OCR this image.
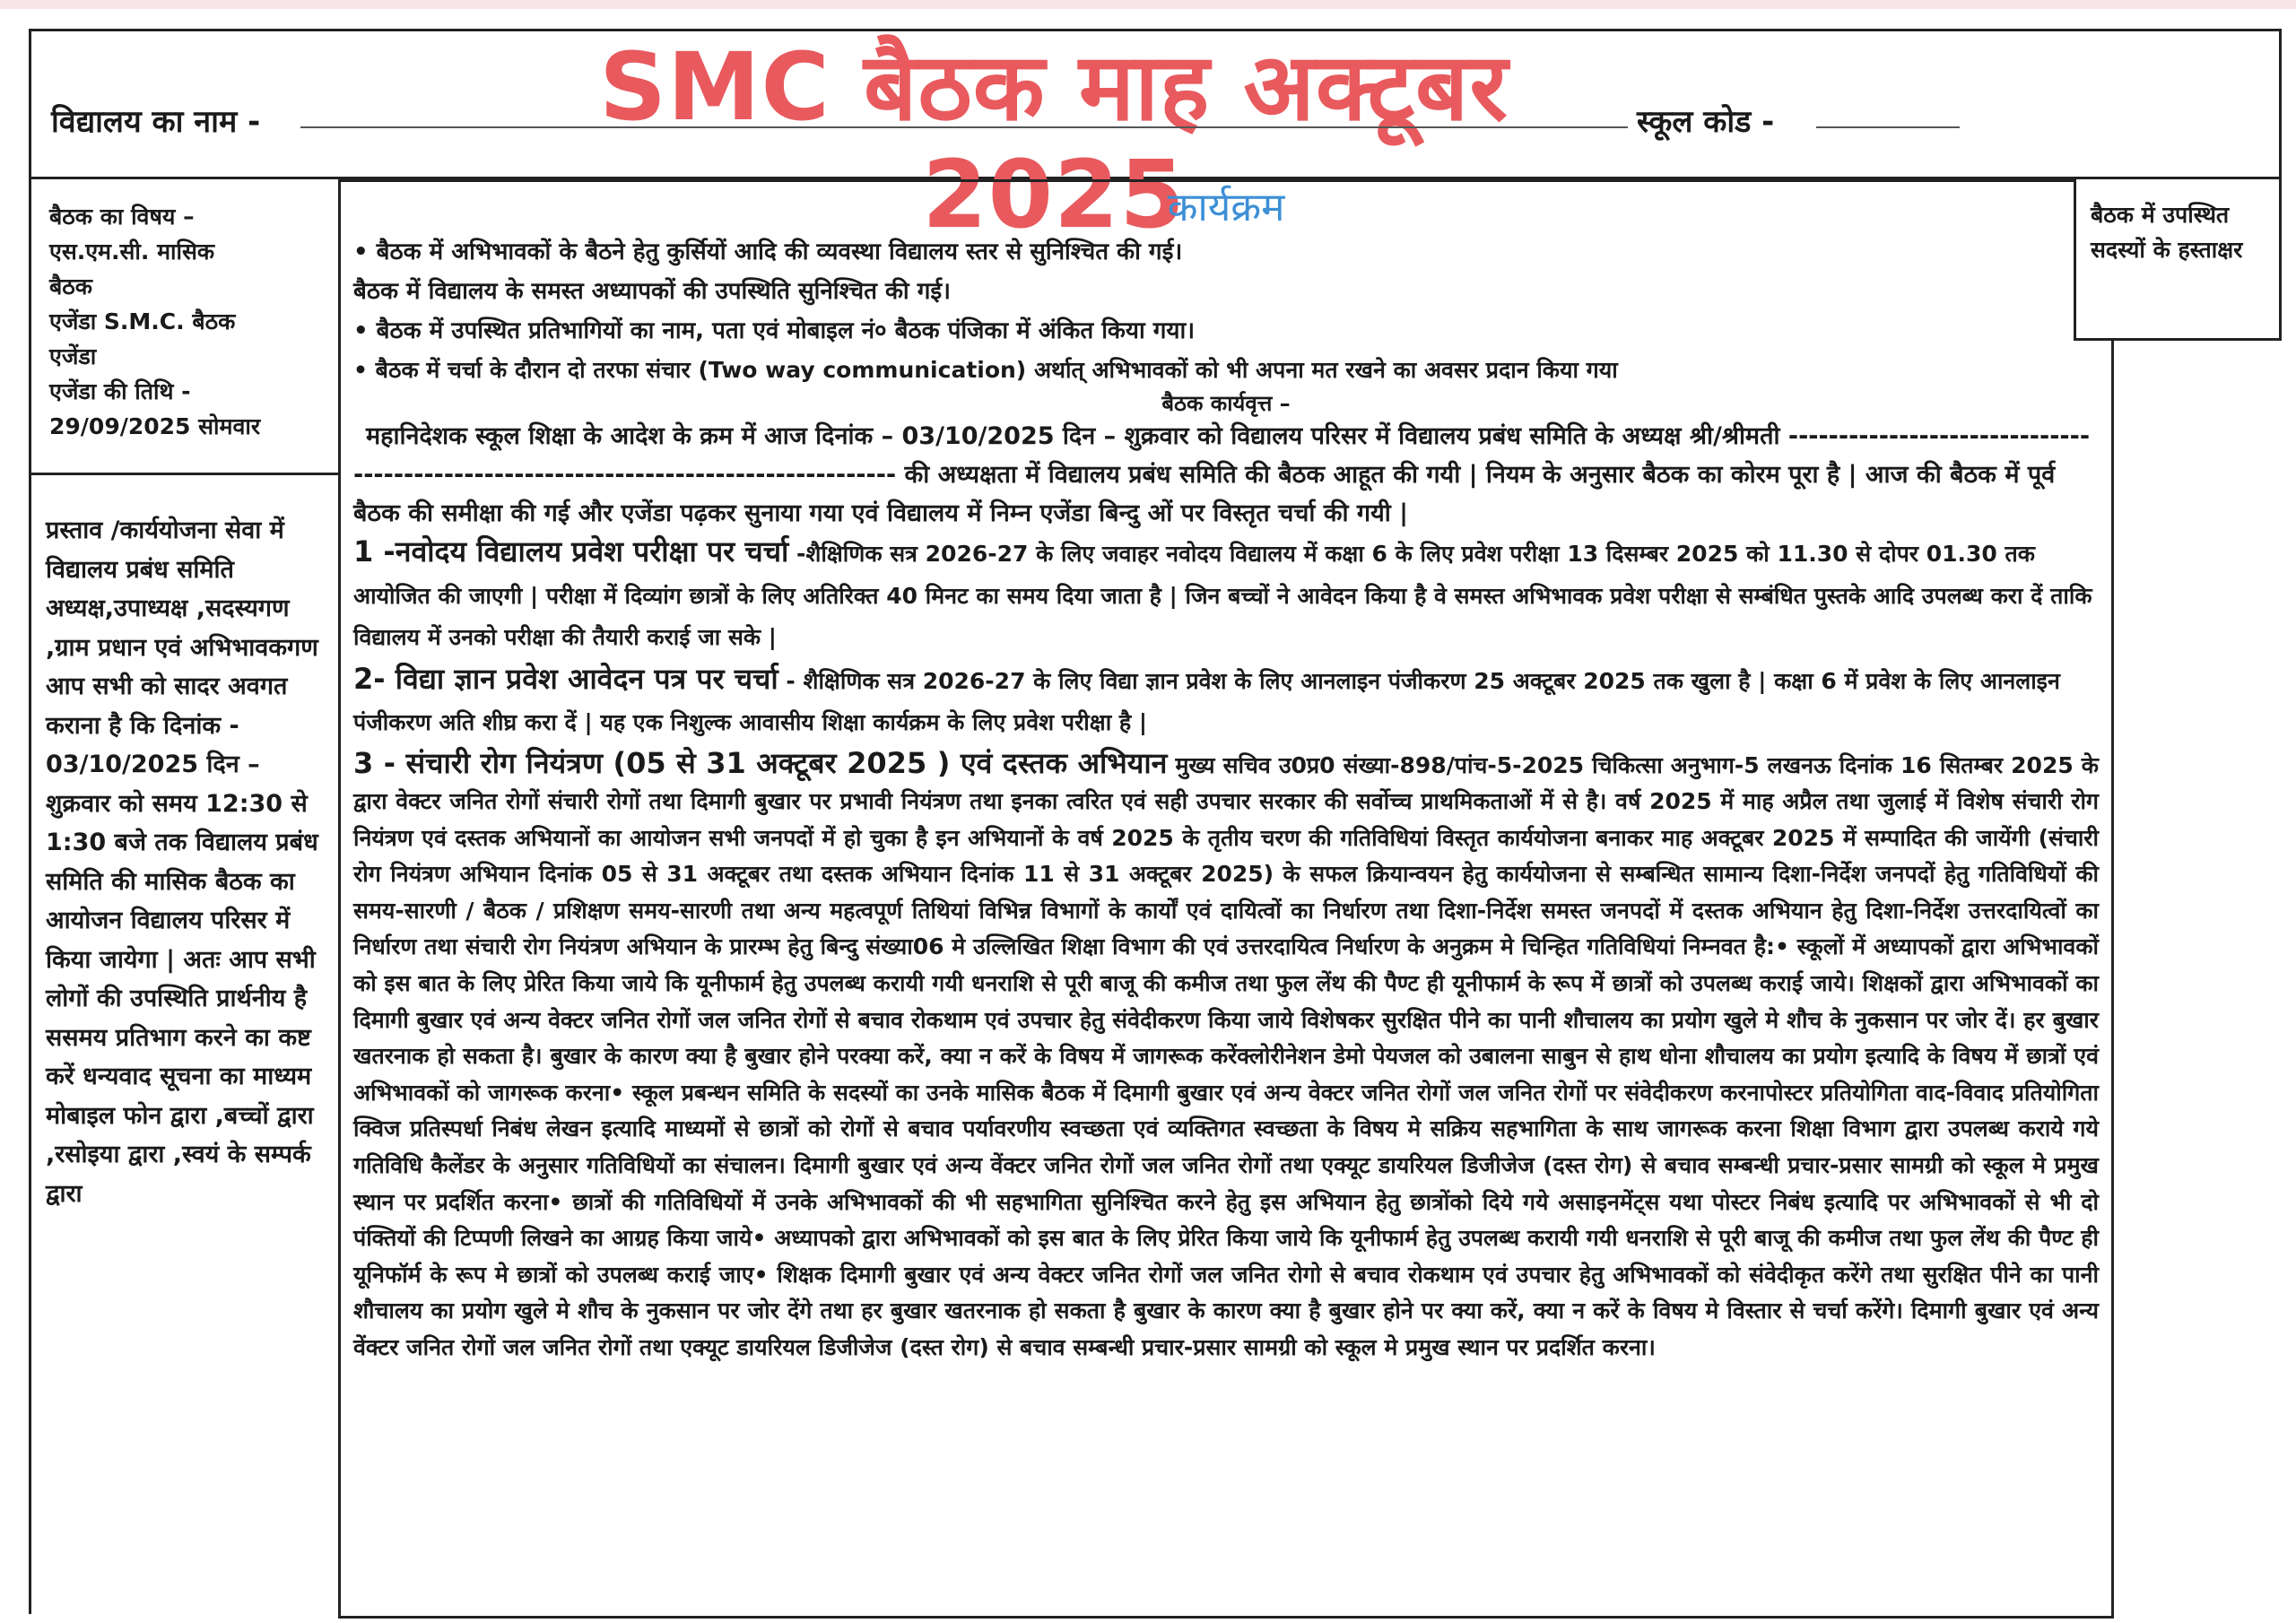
SMC बैठक माह अक्टूबर 2025
विद्यालय का नाम -	स्कूल कोड -
बैठक का विषय –
एस.एम.सी. मासिक
बैठक
एजेंडा S.M.C. बैठक
एजेंडा
एजेंडा की तिथि -
29/09/2025 सोमवार
प्रस्ताव /कार्ययोजना सेवा में विद्यालय प्रबंध समिति अध्यक्ष,उपाध्यक्ष ,सदस्यगण ,ग्राम प्रधान एवं अभिभावकगण आप सभी को सादर अवगत कराना है कि दिनांक - 03/10/2025 दिन – शुक्रवार को समय 12:30 से 1:30 बजे तक विद्यालय प्रबंध समिति की मासिक बैठक का आयोजन विद्यालय परिसर में किया जायेगा | अतः आप सभी लोगों की उपस्थिति प्रार्थनीय है ससमय प्रतिभाग करने का कष्ट करें धन्यवाद सूचना का माध्यम मोबाइल फोन द्वारा ,बच्चों द्वारा ,रसोइया द्वारा ,स्वयं के सम्पर्क द्वारा
कार्यक्रम
• बैठक में अभिभावकों के बैठने हेतु कुर्सियों आदि की व्यवस्था विद्यालय स्तर से सुनिश्चित की गई।
बैठक में विद्यालय के समस्त अध्यापकों की उपस्थिति सुनिश्चित की गई।
• बैठक में उपस्थित प्रतिभागियों का नाम, पता एवं मोबाइल नं० बैठक पंजिका में अंकित किया गया।
• बैठक में चर्चा के दौरान दो तरफा संचार (Two way communication) अर्थात् अभिभावकों को भी अपना मत रखने का अवसर प्रदान किया गया
बैठक कार्यवृत्त –

महानिदेशक स्कूल शिक्षा के आदेश के क्रम में आज दिनांक – 03/10/2025 दिन – शुक्रवार को विद्यालय परिसर में विद्यालय प्रबंध समिति के अध्यक्ष श्री/श्रीमती ------------------------------------------------------------------------------------ की अध्यक्षता में विद्यालय प्रबंध समिति की बैठक आहूत की गयी | नियम के अनुसार बैठक का कोरम पूरा है | आज की बैठक में पूर्व बैठक की समीक्षा की गई और एजेंडा पढ़कर सुनाया गया एवं विद्यालय में निम्न एजेंडा बिन्दु ओं पर विस्तृत चर्चा की गयी |

1 -नवोदय विद्यालय प्रवेश परीक्षा पर चर्चा -शैक्षिणिक सत्र 2026-27 के लिए जवाहर नवोदय विद्यालय में कक्षा 6 के लिए प्रवेश परीक्षा 13 दिसम्बर 2025 को 11.30 से दोपर 01.30 तक आयोजित की जाएगी | परीक्षा में दिव्यांग छात्रों के लिए अतिरिक्त 40 मिनट का समय दिया जाता है | जिन बच्चों ने आवेदन किया है वे समस्त अभिभावक प्रवेश परीक्षा से सम्बंधित पुस्तके आदि उपलब्ध करा दें ताकि विद्यालय में उनको परीक्षा की तैयारी कराई जा सके |

2- विद्या ज्ञान प्रवेश आवेदन पत्र पर चर्चा - शैक्षिणिक सत्र 2026-27 के लिए विद्या ज्ञान प्रवेश के लिए आनलाइन पंजीकरण 25 अक्टूबर 2025 तक खुला है | कक्षा 6 में प्रवेश के लिए आनलाइन पंजीकरण अति शीघ्र करा दें | यह एक निशुल्क आवासीय शिक्षा कार्यक्रम के लिए प्रवेश परीक्षा है |

3 - संचारी रोग नियंत्रण (05 से 31 अक्टूबर 2025 ) एवं दस्तक अभियान मुख्य सचिव उ0प्र0 संख्या-898/पांच-5-2025 चिकित्सा अनुभाग-5 लखनऊ दिनांक 16 सितम्बर 2025 के द्वारा वेक्टर जनित रोगों संचारी रोगों तथा दिमागी बुखार पर प्रभावी नियंत्रण तथा इनका त्वरित एवं सही उपचार सरकार की सर्वोच्च प्राथमिकताओं में से है। वर्ष 2025 में माह अप्रैल तथा जुलाई में विशेष संचारी रोग नियंत्रण एवं दस्तक अभियानों का आयोजन सभी जनपदों में हो चुका है इन अभियानों के वर्ष 2025 के तृतीय चरण की गतिविधियां विस्तृत कार्ययोजना बनाकर माह अक्टूबर 2025 में सम्पादित की जायेंगी (संचारी रोग नियंत्रण अभियान दिनांक 05 से 31 अक्टूबर तथा दस्तक अभियान दिनांक 11 से 31 अक्टूबर 2025) के सफल क्रियान्वयन हेतु कार्ययोजना से सम्बन्धित सामान्य दिशा-निर्देश जनपदों हेतु गतिविधियों की समय-सारणी / बैठक / प्रशिक्षण समय-सारणी तथा अन्य महत्वपूर्ण तिथियां विभिन्न विभागों के कार्यों एवं दायित्वों का निर्धारण तथा दिशा-निर्देश समस्त जनपदों में दस्तक अभियान हेतु दिशा-निर्देश उत्तरदायित्वों का निर्धारण तथा संचारी रोग नियंत्रण अभियान के प्रारम्भ हेतु बिन्दु संख्या06 मे उल्लिखित शिक्षा विभाग की एवं उत्तरदायित्व निर्धारण के अनुक्रम मे चिन्हित गतिविधियां निम्नवत है:• स्कूलों में अध्यापकों द्वारा अभिभावकों को इस बात के लिए प्रेरित किया जाये कि यूनीफार्म हेतु उपलब्ध करायी गयी धनराशि से पूरी बाजू की कमीज तथा फुल लेंथ की पैण्ट ही यूनीफार्म के रूप में छात्रों को उपलब्ध कराई जाये। शिक्षकों द्वारा अभिभावकों का दिमागी बुखार एवं अन्य वेक्टर जनित रोगों जल जनित रोगों से बचाव रोकथाम एवं उपचार हेतु संवेदीकरण किया जाये विशेषकर सुरक्षित पीने का पानी शौचालय का प्रयोग खुले मे शौच के नुकसान पर जोर दें। हर बुखार खतरनाक हो सकता है। बुखार के कारण क्या है बुखार होने परक्या करें, क्या न करें के विषय में जागरूक करेंक्लोरीनेशन डेमो पेयजल को उबालना साबुन से हाथ धोना शौचालय का प्रयोग इत्यादि के विषय में छात्रों एवं अभिभावकों को जागरूक करना• स्कूल प्रबन्धन समिति के सदस्यों का उनके मासिक बैठक में दिमागी बुखार एवं अन्य वेक्टर जनित रोगों जल जनित रोगों पर संवेदीकरण करनापोस्टर प्रतियोगिता वाद-विवाद प्रतियोगिता क्विज प्रतिस्पर्धा निबंध लेखन इत्यादि माध्यमों से छात्रों को रोगों से बचाव पर्यावरणीय स्वच्छता एवं व्यक्तिगत स्वच्छता के विषय मे सक्रिय सहभागिता के साथ जागरूक करना शिक्षा विभाग द्वारा उपलब्ध कराये गये गतिविधि कैलेंडर के अनुसार गतिविधियों का संचालन। दिमागी बुखार एवं अन्य वेंक्टर जनित रोगों जल जनित रोगों तथा एक्यूट डायरियल डिजीजेज (दस्त रोग) से बचाव सम्बन्धी प्रचार-प्रसार सामग्री को स्कूल मे प्रमुख स्थान पर प्रदर्शित करना• छात्रों की गतिविधियों में उनके अभिभावकों की भी सहभागिता सुनिश्चित करने हेतु इस अभियान हेतु छात्रोंको दिये गये असाइनमेंट्स यथा पोस्टर निबंध इत्यादि पर अभिभावकों से भी दो पंक्तियों की टिप्पणी लिखने का आग्रह किया जाये• अध्यापको द्वारा अभिभावकों को इस बात के लिए प्रेरित किया जाये कि यूनीफार्म हेतु उपलब्ध करायी गयी धनराशि से पूरी बाजू की कमीज तथा फुल लेंथ की पैण्ट ही यूनिफॉर्म के रूप मे छात्रों को उपलब्ध कराई जाए• शिक्षक दिमागी बुखार एवं अन्य वेक्टर जनित रोगों जल जनित रोगो से बचाव रोकथाम एवं उपचार हेतु अभिभावकों को संवेदीकृत करेंगे तथा सुरक्षित पीने का पानी शौचालय का प्रयोग खुले मे शौच के नुकसान पर जोर देंगे तथा हर बुखार खतरनाक हो सकता है बुखार के कारण क्या है बुखार होने पर क्या करें, क्या न करें के विषय मे विस्तार से चर्चा करेंगे। दिमागी बुखार एवं अन्य वेंक्टर जनित रोगों जल जनित रोगों तथा एक्यूट डायरियल डिजीजेज (दस्त रोग) से बचाव सम्बन्धी प्रचार-प्रसार सामग्री को स्कूल मे प्रमुख स्थान पर प्रदर्शित करना।

बैठक में उपस्थित सदस्यों के हस्ताक्षर
